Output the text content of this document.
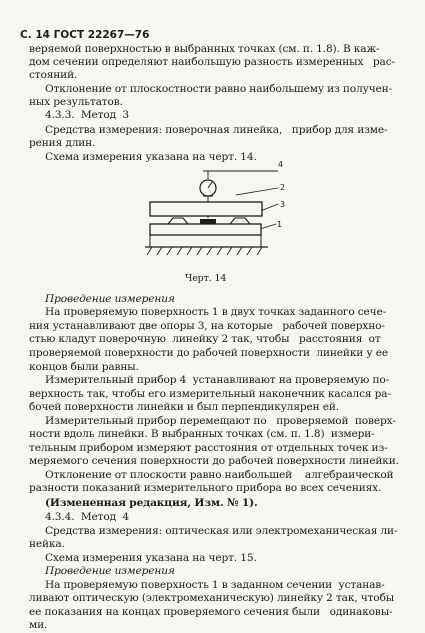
С. 14 ГОСТ 22267—76
веряемой поверхностью в выбранных точках (см. п. 1.8). В каж-
дом сечении определяют наибольшую разность измеренных   рас-
стояний.
Отклонение от плоскостности равно наибольшему из получен-
ных результатов.
4.3.3.  Метод  3
Средства измерения: поверочная линейка,   прибор для изме-
рения длин.
Схема измерения указана на черт. 14.
4
2
3
1
Черт. 14
Проведение измерения
На проверяемую поверхность 1 в двух точках заданного сече-
ния устанавливают две опоры 3, на которые   рабочей поверхно-
стью кладут поверочную  линейку 2 так, чтобы   расстояния  от
проверяемой поверхности до рабочей поверхности  линейки у ее
концов были равны.
Измерительный прибор 4  устанавливают на проверяемую по-
верхность так, чтобы его измерительный наконечник касался ра-
бочей поверхности линейки и был перпендикулярен ей.
Измерительный прибор перемещают по   проверяемой  поверх-
ности вдоль линейки. В выбранных точках (см. п. 1.8)  измери-
тельным прибором измеряют расстояния от отдельных точек из-
меряемого сечения поверхности до рабочей поверхности линейки.
Отклонение от плоскости равно наибольшей    алгебраической
разности показаний измерительного прибора во всех сечениях.
(Измененная редакция, Изм. № 1).
4.3.4.  Метод  4
Средства измерения: оптическая или электромеханическая ли-
нейка.
Схема измерения указана на черт. 15.
Проведение измерения
На проверяемую поверхность 1 в заданном сечении  устанав-
ливают оптическую (электромеханическую) линейку 2 так, чтобы
ее показания на концах проверяемого сечения были   одинаковы-
ми.
